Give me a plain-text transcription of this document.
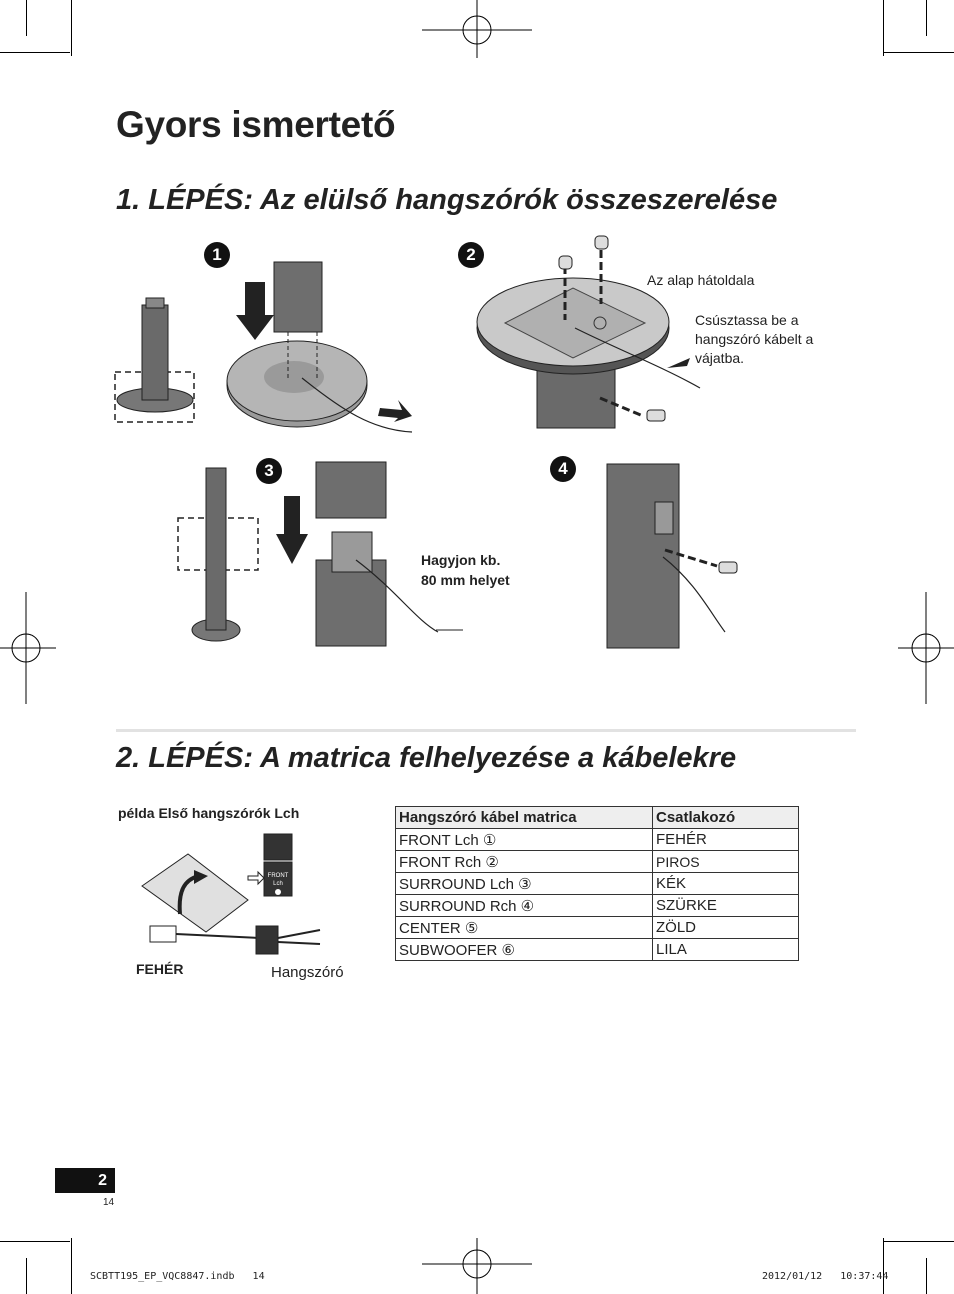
Gyors ismertető
1. LÉPÉS: Az elülső hangszórók összeszerelése
1	2
3	4
Az alap hátoldala
Csúsztassa be a
hangszóró kábelt a
vájatba.
Hagyjon kb.
80 mm helyet
2. LÉPÉS: A matrica felhelyezése a kábelekre
példa Első hangszórók Lch
FRONT
Lch
FEHÉR	Hangszóró
Hangszóró kábel matrica	Csatlakozó
FRONT Lch ①	FEHÉR
FRONT Rch ②	PIROS
SURROUND Lch ③	KÉK
SURROUND Rch ④	SZÜRKE
CENTER ⑤	ZÖLD
SUBWOOFER ⑥	LILA
2
14
SCBTT195_EP_VQC8847.indb   14	2012/01/12   10:37:44
